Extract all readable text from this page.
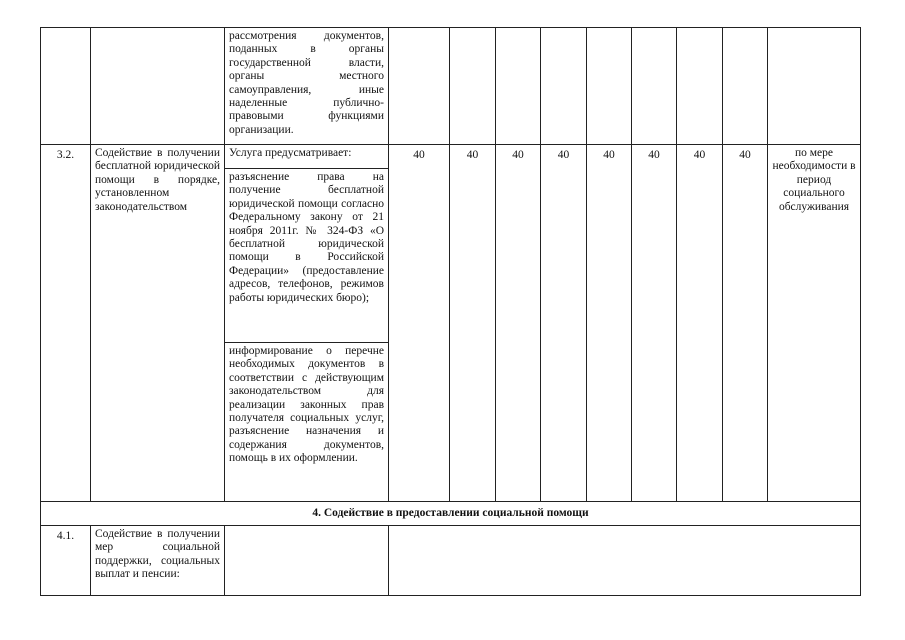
		рассмотрения документов, поданных в органы государственной власти, органы местного самоуправления, иные наделенные публично-правовыми функциями организации.									
3.2.	Содействие в получении бесплатной юридической помощи в порядке, установленном законодательством	Услуга предусматривает:	40	40	40	40	40	40	40	40	по мере необходимости в период социального обслуживания
		разъяснение права на получение бесплатной юридической помощи согласно Федеральному закону от 21 ноября 2011г. № 324-ФЗ «О бесплатной юридической помощи в Российской Федерации» (предоставление адресов, телефонов, режимов работы юридических бюро);									
		информирование о перечне необходимых документов в соответствии с действующим законодательством для реализации законных прав получателя социальных услуг, разъяснение назначения и содержания документов, помощь в их оформлении.									
4. Содействие в предоставлении социальной помощи											
4.1.	Содействие в получении мер социальной поддержки, социальных выплат и пенсии:										
